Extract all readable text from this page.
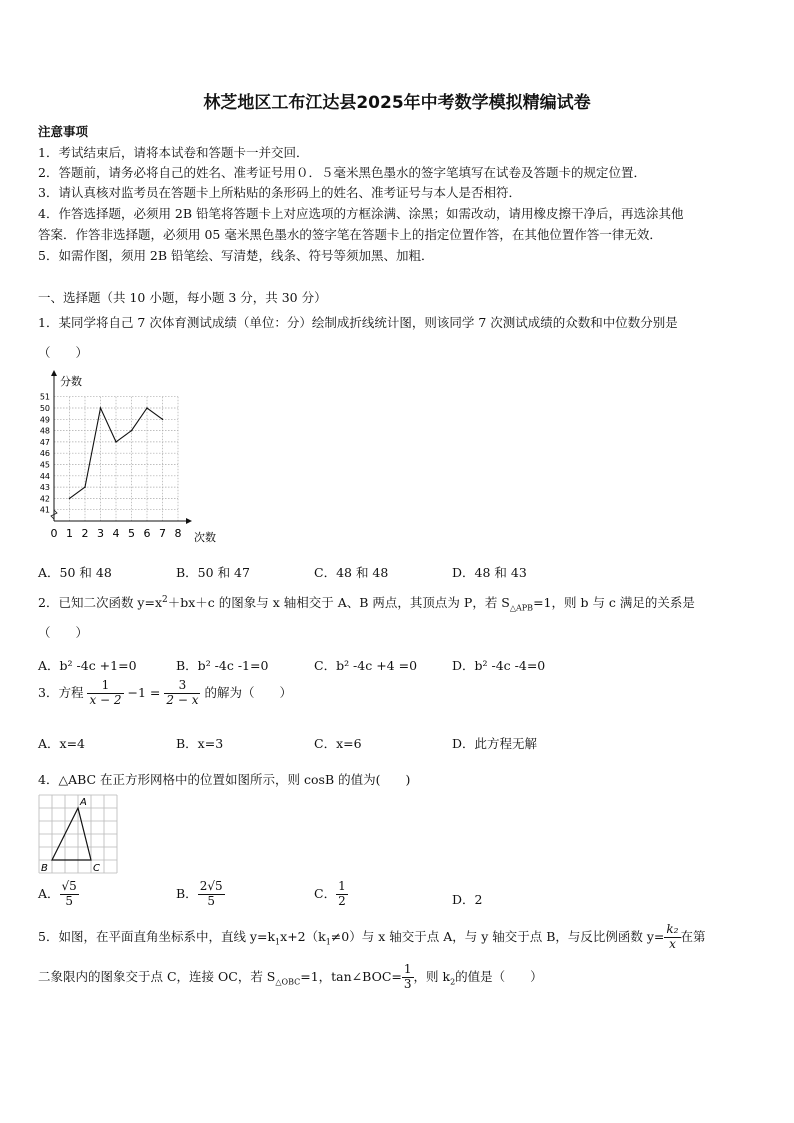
林芝地区工布江达县2025年中考数学模拟精编试卷
注意事项
1．考试结束后，请将本试卷和答题卡一并交回．
2．答题前，请务必将自己的姓名、准考证号用０．５毫米黑色墨水的签字笔填写在试卷及答题卡的规定位置．
3．请认真核对监考员在答题卡上所粘贴的条形码上的姓名、准考证号与本人是否相符．
4．作答选择题，必须用 2B 铅笔将答题卡上对应选项的方框涂满、涂黑；如需改动，请用橡皮擦干净后，再选涂其他
答案．作答非选择题，必须用 05 毫米黑色墨水的签字笔在答题卡上的指定位置作答，在其他位置作答一律无效．
5．如需作图，须用 2B 铅笔绘、写清楚，线条、符号等须加黑、加粗．
一、选择题（共 10 小题，每小题 3 分，共 30 分）
1．某同学将自己 7 次体育测试成绩（单位：分）绘制成折线统计图，则该同学 7 次测试成绩的众数和中位数分别是
（　　）
41
42
43
44
45
46
47
48
49
50
51
0 1 2 3 4 5 6 7 8
分数
次数
A．50 和 48	B．50 和 47	C．48 和 48	D．48 和 43
2．已知二次函数 $y=x^2+bx+c$ 的图象与 x 轴相交于 A、B 两点，其顶点为 P，若 $S_{\triangle APB}=1$，则 b 与 c 满足的关系是
（　　）
A．b² -4c +1=0	B．b² -4c -1=0	C．b² -4c +4 =0	D．b² -4c -4=0
3．方程 $\frac{1}{x - 2} -1 = \frac{3}{2 - x}$ 的解为（　　）
A．x=4	B．x=3	C．x=6	D．此方程无解
4．△ABC 在正方形网格中的位置如图所示，则 cosB 的值为(　　)
A
B	C
A． $\frac{√5}{5}$	B． $\frac{2√5}{5}$	C． $\frac{1}{2}$	D．2
5．如图，在平面直角坐标系中，直线 $y=k_1x+2(k_1\ne 0)$与 x 轴交于点 A，与 y 轴交于点 B，与反比例函数 $y= \frac{\text{k₂}}{x}$ 在第
二象限内的图象交于点 C，连接 OC，若 $S_{\triangle OBC}=1$，tan∠BOC= $\frac{1}{3}$ ，则 $k_2$的值是（　　）
